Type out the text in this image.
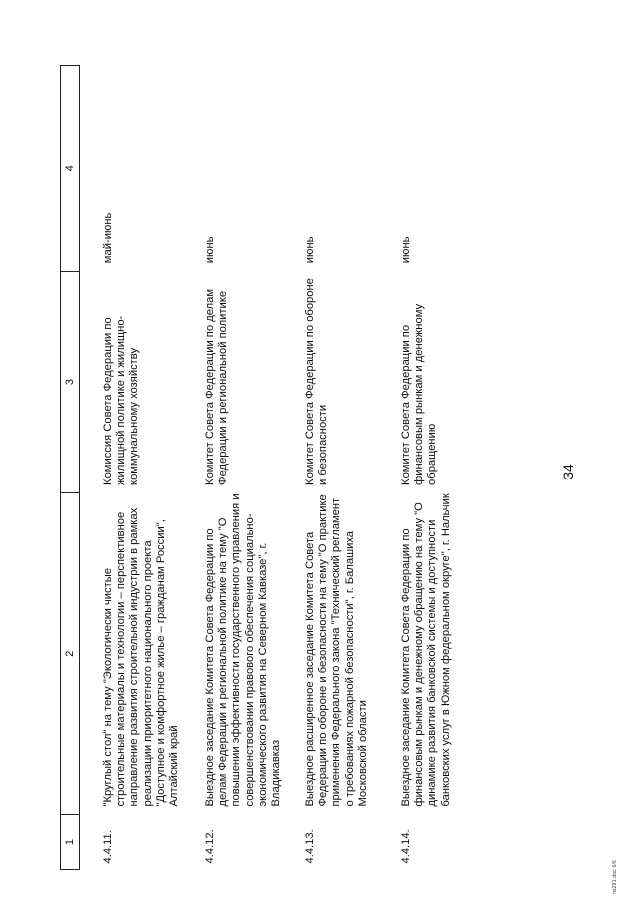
34
1	2	3	4
4.4.11.	"Круглый стол" на тему "Экологически чистые строительные материалы и технологии – перспективное направление развития строительной индустрии в рамках реализации приоритетного национального проекта "Доступное и комфортное жилье – гражданам России", Алтайский край	Комиссия Совета Федерации по жилищной политике и жилищно-коммунальному хозяйству	май-июнь
4.4.12.	Выездное заседание Комитета Совета Федерации по делам Федерации и региональной политике на тему "О повышении эффективности государственного управления и совершенствовании правового обеспечения социально-экономического развития на Северном Кавказе", г. Владикавказ	Комитет Совета Федерации по делам Федерации и региональной политике	июнь
4.4.13.	Выездное расширенное заседание Комитета Совета Федерации по обороне и безопасности на тему "О практике применения Федерального закона "Технический регламент о требованиях пожарной безопасности", г. Балашиха Московской области	Комитет Совета Федерации по обороне и безопасности	июнь
4.4.14.	Выездное заседание Комитета Совета Федерации по финансовым рынкам и денежному обращению на тему "О динамике развития банковской системы и доступности банковских услуг в Южном федеральном округе", г. Нальчик	Комитет Совета Федерации по финансовым рынкам и денежному обращению	июнь
ns291.doc 6/6
